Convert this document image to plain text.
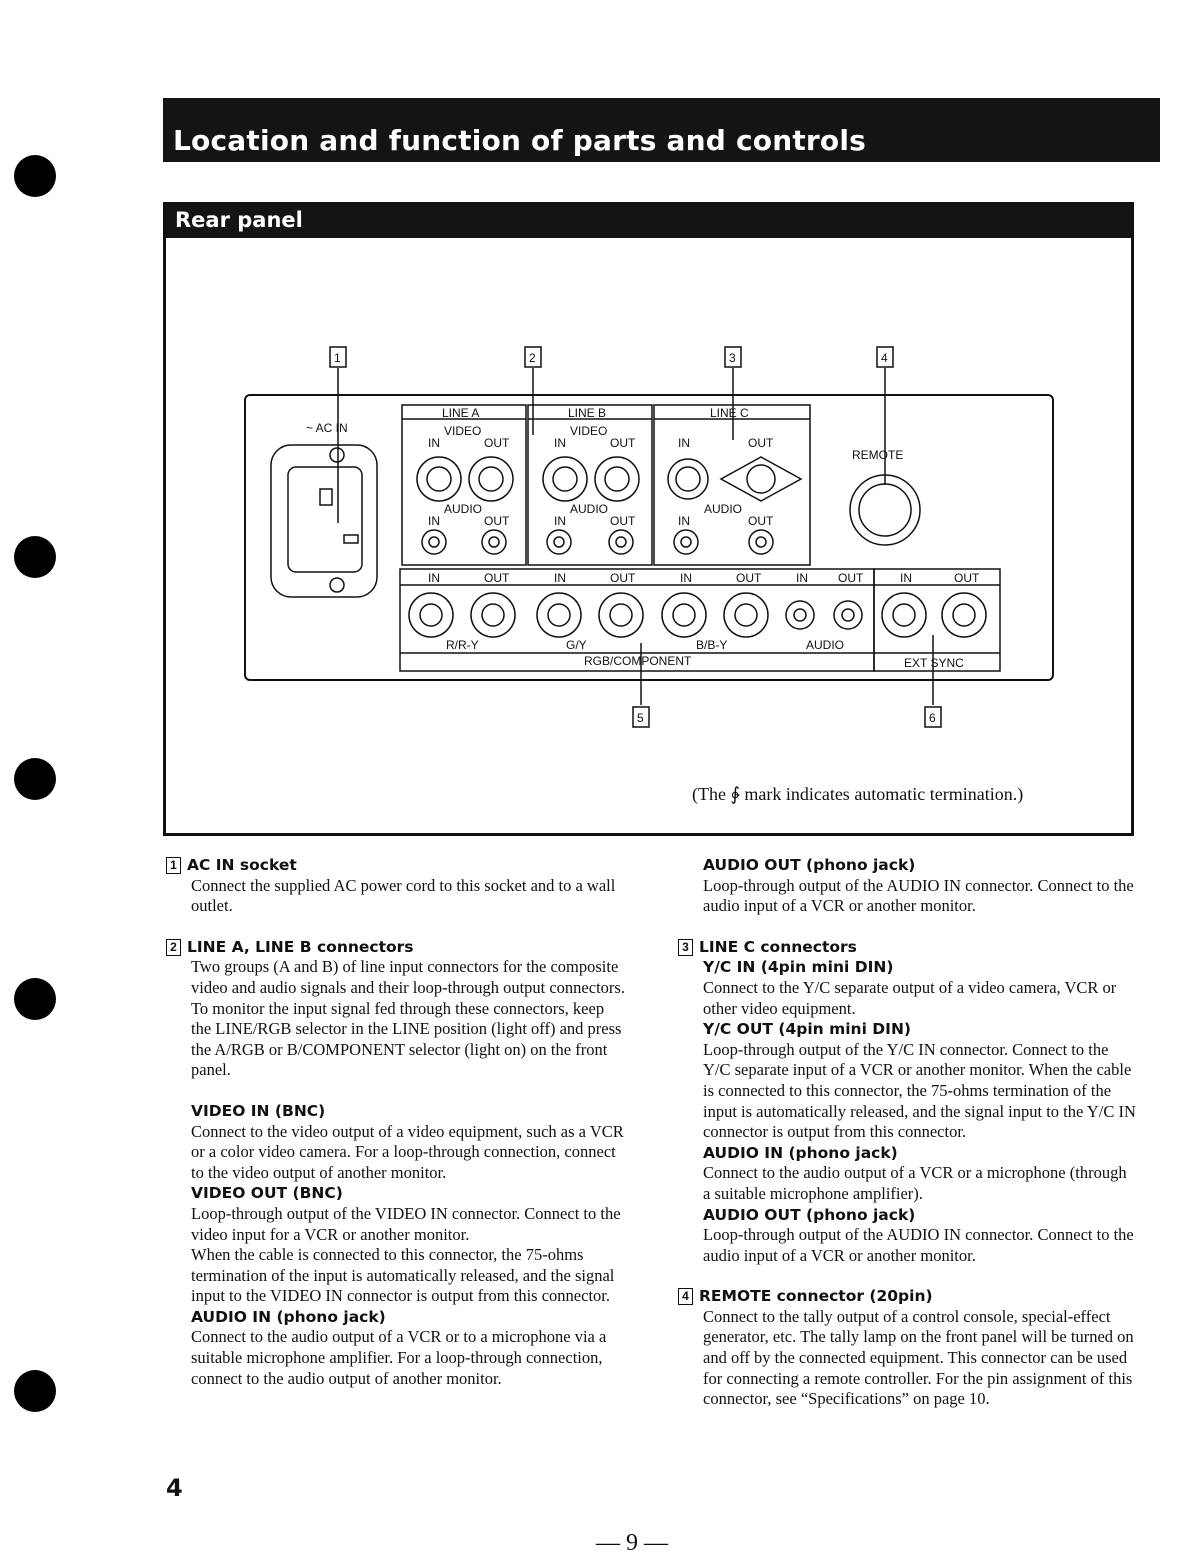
Location and function of parts and controls
Rear panel
~ AC IN
LINE A	LINE B	LINE C
VIDEO	VIDEO
IN	OUT	IN	OUT	IN	OUT
REMOTE
AUDIO	AUDIO	AUDIO
IN	OUT	IN	OUT	IN	OUT
IN	OUT	IN	OUT	IN	OUT	IN	OUT	IN	OUT
R/R-Y	G/Y	B/B-Y	AUDIO
RGB/COMPONENT	EXT SYNC
1	2	3	4
5	6
(The ∲ mark indicates automatic termination.)

1 AC IN socket

Connect the supplied AC power cord to this socket and to a wall outlet.

2 LINE A, LINE B connectors

Two groups (A and B) of line input connectors for the composite video and audio signals and their loop-through output connectors.

To monitor the input signal fed through these connectors, keep the LINE/RGB selector in the LINE position (light off) and press the A/RGB or B/COMPONENT selector (light on) on the front panel.

VIDEO IN (BNC)

Connect to the video output of a video equipment, such as a VCR or a color video camera. For a loop-through connection, connect to the video output of another monitor.

VIDEO OUT (BNC)

Loop-through output of the VIDEO IN connector. Connect to the video input for a VCR or another monitor.

When the cable is connected to this connector, the 75-ohms termination of the input is automatically released, and the signal input to the VIDEO IN connector is output from this connector.

AUDIO IN (phono jack)

Connect to the audio output of a VCR or to a microphone via a suitable microphone amplifier. For a loop-through connection, connect to the audio output of another monitor.

AUDIO OUT (phono jack)

Loop-through output of the AUDIO IN connector. Connect to the audio input of a VCR or another monitor.

3 LINE C connectors

Y/C IN (4pin mini DIN)

Connect to the Y/C separate output of a video camera, VCR or other video equipment.

Y/C OUT (4pin mini DIN)

Loop-through output of the Y/C IN connector. Connect to the Y/C separate input of a VCR or another monitor. When the cable is connected to this connector, the 75-ohms termination of the input is automatically released, and the signal input to the Y/C IN connector is output from this connector.

AUDIO IN (phono jack)

Connect to the audio output of a VCR or a microphone (through a suitable microphone amplifier).

AUDIO OUT (phono jack)

Loop-through output of the AUDIO IN connector. Connect to the audio input of a VCR or another monitor.

4 REMOTE connector (20pin)

Connect to the tally output of a control console, special-effect generator, etc. The tally lamp on the front panel will be turned on and off by the connected equipment. This connector can be used for connecting a remote controller. For the pin assignment of this connector, see “Specifications” on page 10.

4
— 9 —
